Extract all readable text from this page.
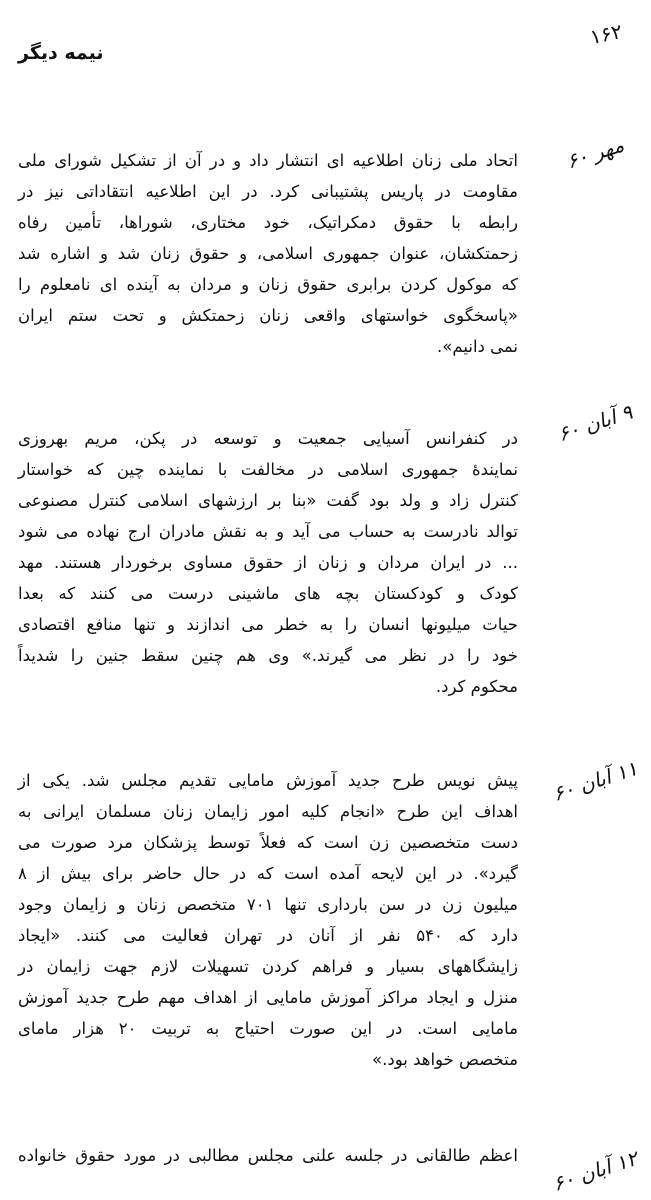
نیمه دیگر
۱۶۲
مهر ۶۰
اتحاد ملی زنان اطلاعیه ای انتشار داد و در آن از تشکیل شورای ملی
مقاومت در پاریس پشتیبانی کرد. در این اطلاعیه انتقاداتی نیز در
رابطه با حقوق دمکراتیک، خود مختاری، شوراها، تأمین رفاه
زحمتکشان، عنوان جمهوری اسلامی، و حقوق زنان شد و اشاره شد
که موکول کردن برابری حقوق زنان و مردان به آینده ای نامعلوم را
«پاسخگوی خواستهای واقعی زنان زحمتکش و تحت ستم ایران
نمی دانیم».
۹ آبان ۶۰
در کنفرانس آسیایی جمعیت و توسعه در پکن، مریم بهروزی
نمایندهٔ جمهوری اسلامی در مخالفت با نماینده چین که خواستار
کنترل زاد و ولد بود گفت «بنا بر ارزشهای اسلامی کنترل مصنوعی
توالد نادرست به حساب می آید و به نقش مادران ارج نهاده می شود
... در ایران مردان و زنان از حقوق مساوی برخوردار هستند. مهد
کودک و کودکستان بچه های ماشینی درست می کنند که بعدا
حیات میلیونها انسان را به خطر می اندازند و تنها منافع اقتصادی
خود را در نظر می گیرند.» وی هم چنین سقط جنین را شدیداً
محکوم کرد.
۱۱ آبان ۶۰
پیش نویس طرح جدید آموزش مامایی تقدیم مجلس شد. یکی از
اهداف این طرح «انجام کلیه امور زایمان زنان مسلمان ایرانی به
دست متخصصین زن است که فعلاً توسط پزشکان مرد صورت می
گیرد». در این لایحه آمده است که در حال حاضر برای بیش از ۸
میلیون زن در سن بارداری تنها ۷۰۱ متخصص زنان و زایمان وجود
دارد که ۵۴۰ نفر از آنان در تهران فعالیت می کنند. «ایجاد
زایشگاههای بسیار و فراهم کردن تسهیلات لازم جهت زایمان در
منزل و ایجاد مراکز آموزش مامایی از اهداف مهم طرح جدید آموزش
مامایی است. در این صورت احتیاج به تربیت ۲۰ هزار مامای
متخصص خواهد بود.»
۱۲ آبان ۶۰
اعظم طالقانی در جلسه علنی مجلس مطالبی در مورد حقوق خانواده
